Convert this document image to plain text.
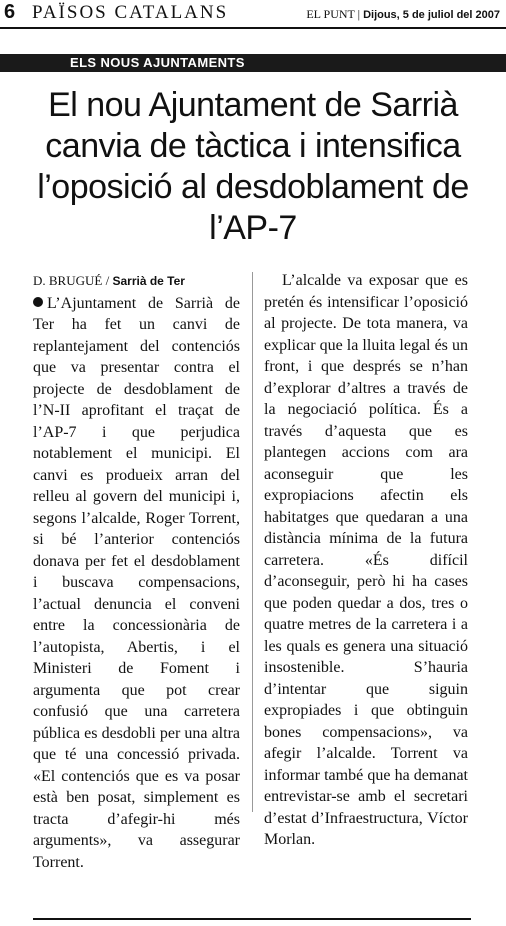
6 PAÏSOS CATALANS	EL PUNT | Dijous, 5 de juliol del 2007
ELS NOUS AJUNTAMENTS
El nou Ajuntament de Sarrià canvia de tàctica i intensifica l’oposició al desdoblament de l’AP-7
D. BRUGUÉ / Sarrià de Ter

L’Ajuntament de Sarrià de Ter ha fet un canvi de replantejament del contenciós que va presentar contra el projecte de desdoblament de l’N-II aprofitant el traçat de l’AP-7 i que perjudica notablement el municipi. El canvi es produeix arran del relleu al govern del municipi i, segons l’alcalde, Roger Torrent, si bé l’anterior contenciós donava per fet el desdoblament i buscava compensacions, l’actual denuncia el conveni entre la concessionària de l’autopista, Abertis, i el Ministeri de Foment i argumenta que pot crear confusió que una carretera pública es desdobli per una altra que té una concessió privada. «El contenciós que es va posar està ben posat, simplement es tracta d’afegir-hi més arguments», va assegurar Torrent.

L’alcalde va exposar que es pretén és intensificar l’oposició al projecte. De tota manera, va explicar que la lluita legal és un front, i que després se n’han d’explorar d’altres a través de la negociació política. És a través d’aquesta que es plantegen accions com ara aconseguir que les expropiacions afectin els habitatges que quedaran a una distància mínima de la futura carretera. «És difícil d’aconseguir, però hi ha cases que poden quedar a dos, tres o quatre metres de la carretera i a les quals es genera una situació insostenible. S’hauria d’intentar que siguin expropiades i que obtinguin bones compensacions», va afegir l’alcalde. Torrent va informar també que ha demanat entrevistar-se amb el secretari d’estat d’Infraestructura, Víctor Morlan.
